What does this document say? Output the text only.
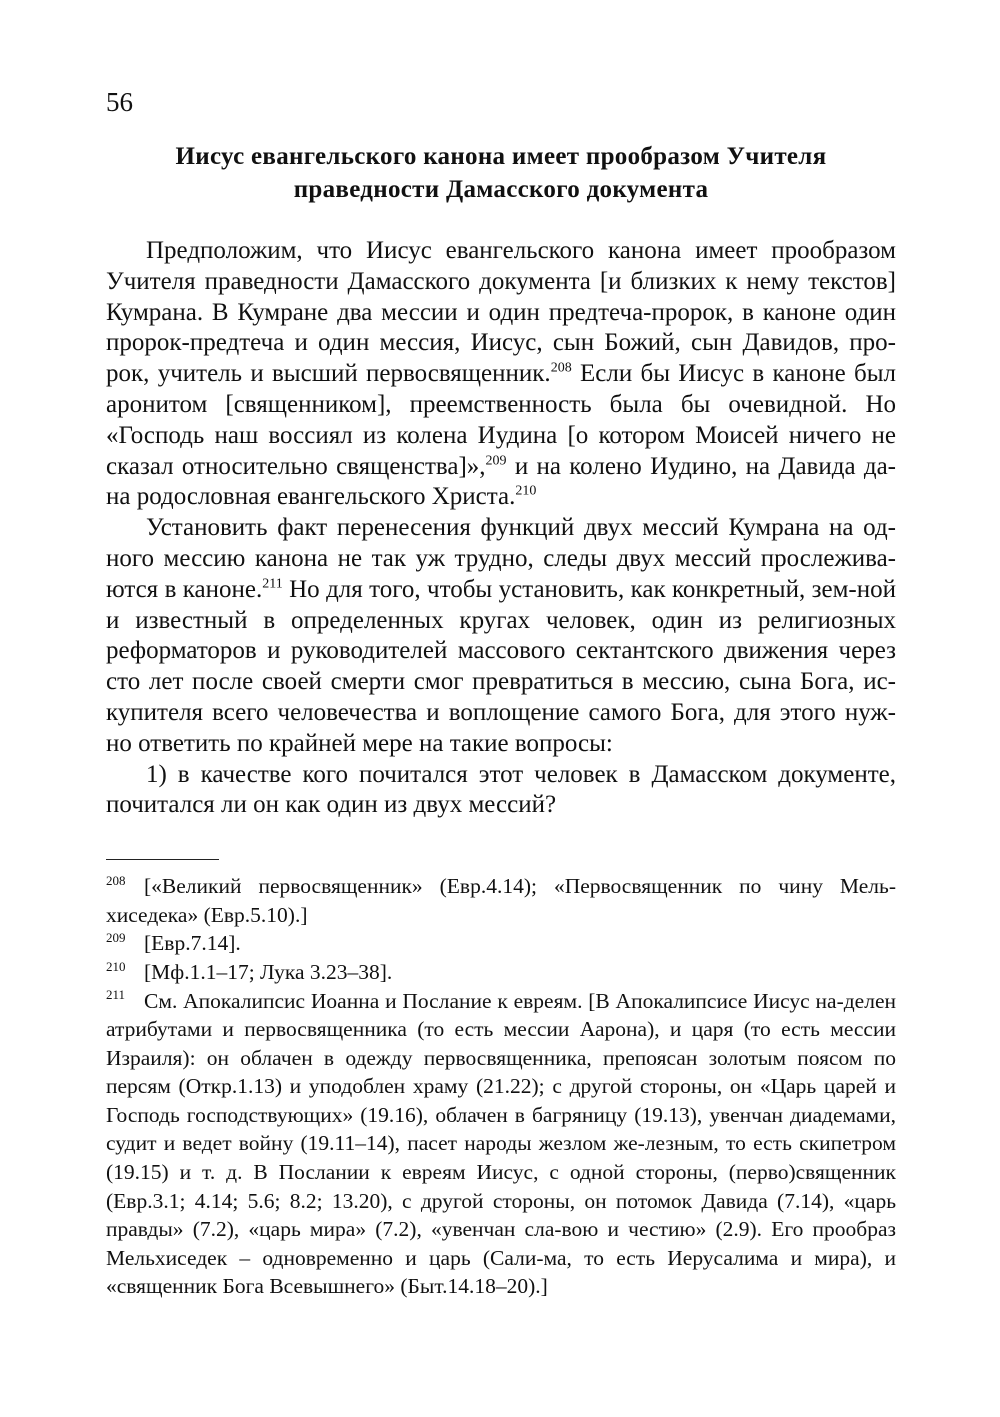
56
Иисус евангельского канона имеет прообразом Учителя
праведности Дамасского документа

Предположим, что Иисус евангельского канона имеет прообразом Учителя праведности Дамасского документа [и близких к нему текстов] Кумрана. В Кумране два мессии и один предтеча-пророк, в каноне один пророк-предтеча и один мессия, Иисус, сын Божий, сын Давидов, про-рок, учитель и высший первосвященник.$^{208}$ Если бы Иисус в каноне был аронитом [священником], преемственность была бы очевидной. Но «Господь наш воссиял из колена Иудина [о котором Моисей ничего не сказал относительно священства]»,$^{209}$ и на колено Иудино, на Давида да-на родословная евангельского Христа.$^{210}$

Установить факт перенесения функций двух мессий Кумрана на од-ного мессию канона не так уж трудно, следы двух мессий прослежива-ются в каноне.$^{211}$ Но для того, чтобы установить, как конкретный, зем-ной и известный в определенных кругах человек, один из религиозных реформаторов и руководителей массового сектантского движения через сто лет после своей смерти смог превратиться в мессию, сына Бога, ис-купителя всего человечества и воплощение самого Бога, для этого нуж-но ответить по крайней мере на такие вопросы:

1) в качестве кого почитался этот человек в Дамасском документе, почитался ли он как один из двух мессий?

208 [«Великий первосвященник» (Евр.4.14); «Первосвященник по чину Мель-хиседека» (Евр.5.10).]
209 [Евр.7.14].
210 [Мф.1.1–17; Лука 3.23–38].
211 См. Апокалипсис Иоанна и Послание к евреям. [В Апокалипсисе Иисус на-делен атрибутами и первосвященника (то есть мессии Аарона), и царя (то есть мессии Израиля): он облачен в одежду первосвященника, препоясан золотым поясом по персям (Откр.1.13) и уподоблен храму (21.22); с другой стороны, он «Царь царей и Господь господствующих» (19.16), облачен в багряницу (19.13), увенчан диадемами, судит и ведет войну (19.11–14), пасет народы жезлом же-лезным, то есть скипетром (19.15) и т. д. В Послании к евреям Иисус, с одной стороны, (перво)священник (Евр.3.1; 4.14; 5.6; 8.2; 13.20), с другой стороны, он потомок Давида (7.14), «царь правды» (7.2), «царь мира» (7.2), «увенчан сла-вою и честию» (2.9). Его прообраз Мельхиседек – одновременно и царь (Сали-ма, то есть Иерусалима и мира), и «священник Бога Всевышнего» (Быт.14.18–20).]
